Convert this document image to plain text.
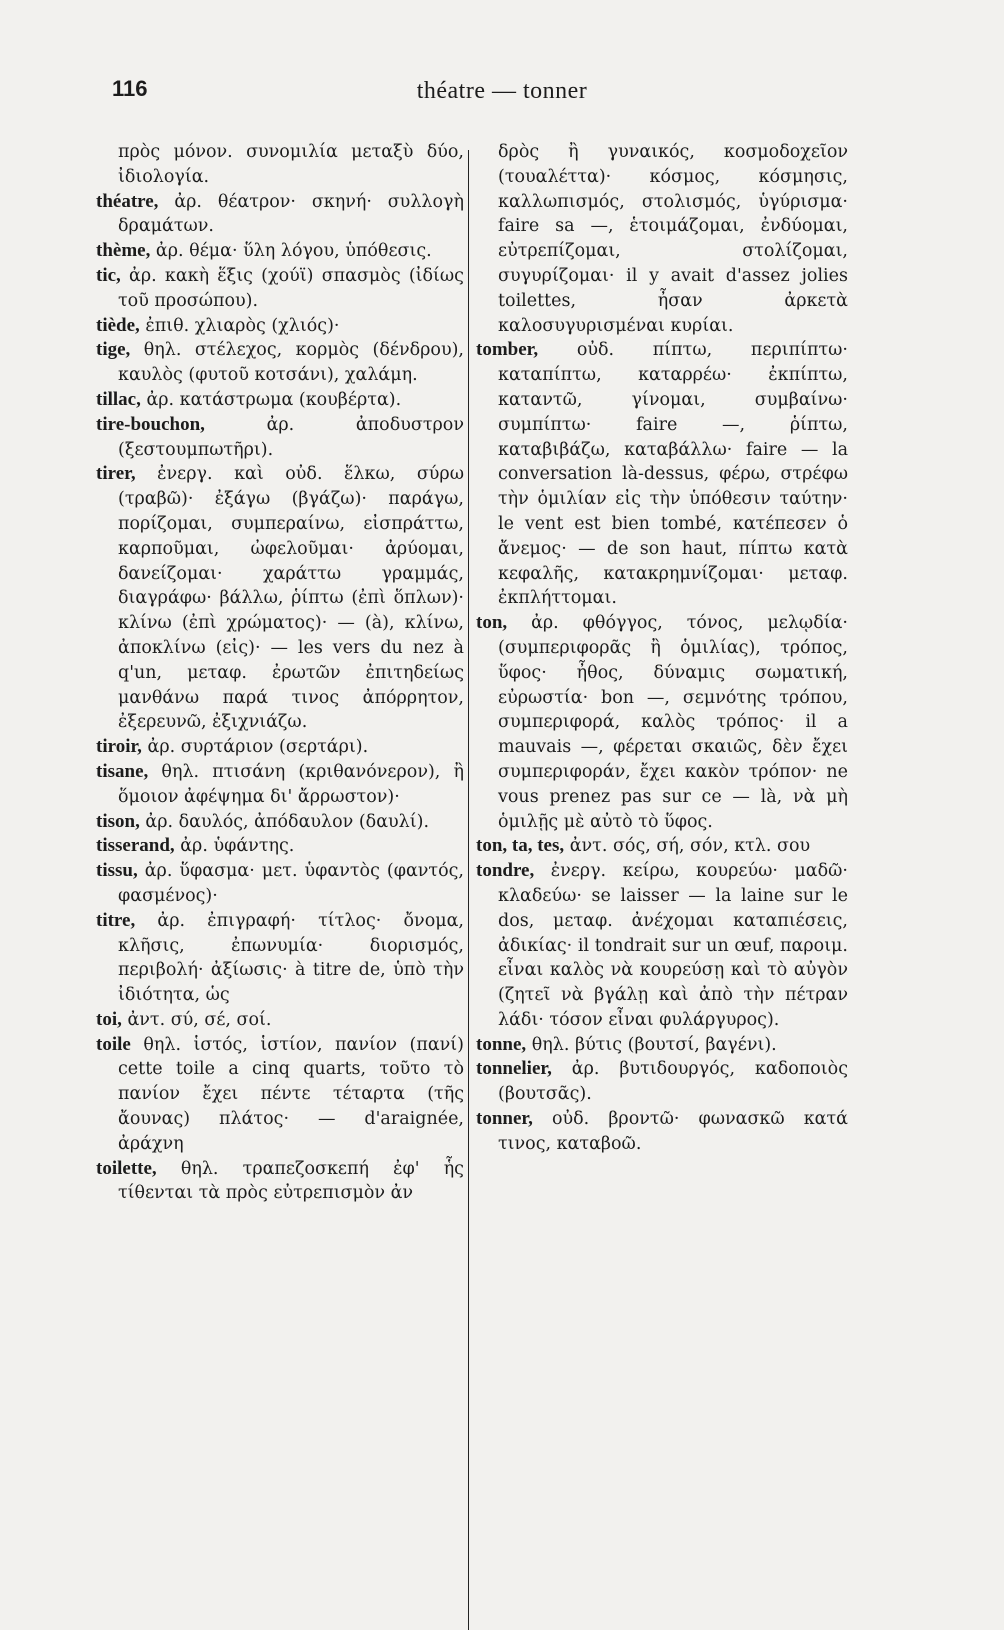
116	théatre — tonner

πρὸς μόνον. συνομιλία μεταξὺ δύο, ἰδιολογία.

théatre, ἀρ. θέατρον· σκηνή· συλλογὴ δραμάτων.

thème, ἀρ. θέμα· ὕλη λόγου, ὑπόθεσις.

tic, ἀρ. κακὴ ἕξις (χούϊ) σπασμὸς (ἰδίως τοῦ προσώπου).

tiède, ἐπιθ. χλιαρὸς (χλιός)·

tige, θηλ. στέλεχος, κορμὸς (δένδρου), καυλὸς (φυτοῦ κοτσάνι), χαλάμη.

tillac, ἀρ. κατάστρωμα (κουβέρτα).

tire-bouchon,	ἀρ. ἀποδυστρον (ξεστουμπωτῆρι).

tirer, ἐνεργ. καὶ οὐδ. ἕλκω, σύρω (τραβῶ)· ἐξάγω (βγάζω)· παράγω, πορίζομαι, συμπεραίνω, εἰσπράττω, καρποῦμαι, ὠφελοῦμαι· ἀρύομαι, δανείζομαι· χαράττω γραμμάς, διαγράφω· βάλλω, ῥίπτω (ἐπὶ ὅπλων)· κλίνω (ἐπὶ χρώματος)· — (à), κλίνω, ἀποκλίνω (εἰς)· — les vers du nez à q'un, μεταφ. ἐρωτῶν ἐπιτηδείως μανθάνω παρά τινος ἀπόρρητον, ἐξερευνῶ, ἐξιχνιάζω.

tiroir, ἀρ. συρτάριον (σερτάρι).

tisane, θηλ. πτισάνη (κριθανόνερον), ἢ ὅμοιον ἀφέψημα δι' ἄρρωστον)·

tison, ἀρ. δαυλός, ἀπόδαυλον (δαυλί).

tisserand, ἀρ. ὑφάντης.

tissu, ἀρ. ὕφασμα· μετ. ὑφαντὸς (φαντός, φασμένος)·

titre, ἀρ. ἐπιγραφή· τίτλος· ὄνομα, κλῆσις, ἐπωνυμία· διορισμός, περιβολή· ἀξίωσις· à titre de, ὑπὸ τὴν ἰδιότητα, ὡς

toi, ἀντ. σύ, σέ, σοί.

toile θηλ. ἱστός, ἱστίον, πανίον (πανί) cette toile a cinq quarts, τοῦτο τὸ πανίον ἔχει πέντε τέταρτα (τῆς ἄουνας) πλάτος· — d'araignée, ἀράχνη

toilette, θηλ. τραπεζοσκεπή ἐφ' ἧς τίθενται τὰ πρὸς εὐτρεπισμὸν ἀν

δρὸς ἢ γυναικός, κοσμοδοχεῖον (τουαλέττα)· κόσμος, κόσμησις, καλλωπισμός, στολισμός, ὑγύρισμα· faire sa —, ἑτοιμάζομαι, ἐνδύομαι, εὐτρεπίζομαι, στολίζομαι, συγυρίζομαι· il y avait d'assez jolies toilettes, ἦσαν ἀρκετὰ καλοσυγυρισμέναι κυρίαι.

tomber, οὐδ. πίπτω, περιπίπτω· καταπίπτω, καταρρέω· ἐκπίπτω, καταντῶ, γίνομαι, συμβαίνω· συμπίπτω· faire —, ῥίπτω, καταβιβάζω, καταβάλλω· faire — la conversation là-dessus, φέρω, στρέφω τὴν ὁμιλίαν εἰς τὴν ὑπόθεσιν ταύτην· le vent est bien tombé, κατέπεσεν ὁ ἄνεμος· — de son haut, πίπτω κατὰ κεφαλῆς, κατακρημνίζομαι· μεταφ. ἐκπλήττομαι.

ton, ἀρ. φθόγγος, τόνος, μελῳδία· (συμπεριφορᾶς ἢ ὁμιλίας), τρόπος, ὕφος· ἦθος, δύναμις σωματική, εὐρωστία· bon —, σεμνότης τρόπου, συμπεριφορά, καλὸς τρόπος· il a mauvais —, φέρεται σκαιῶς, δὲν ἔχει συμπεριφοράν, ἔχει κακὸν τρόπον· ne vous prenez pas sur ce — là, νὰ μὴ ὁμιλῇς μὲ αὐτὸ τὸ ὕφος.

ton, ta, tes, ἀντ. σός, σή, σόν, κτλ. σου

tondre, ἐνεργ. κείρω, κουρεύω· μαδῶ· κλαδεύω· se laisser — la laine sur le dos, μεταφ. ἀνέχομαι καταπιέσεις, ἀδικίας· il tondrait sur un œuf, παροιμ. εἶναι καλὸς νὰ κουρεύσῃ καὶ τὸ αὐγὸν (ζητεῖ νὰ βγάλῃ καὶ ἀπὸ τὴν πέτραν λάδι· τόσον εἶναι φυλάργυρος).

tonne, θηλ. βύτις (βουτσί, βαγένι).

tonnelier, ἀρ. βυτιδουργός, καδοποιὸς (βουτσᾶς).

tonner, οὐδ. βροντῶ· φωνασκῶ κατά τινος, καταβοῶ.
